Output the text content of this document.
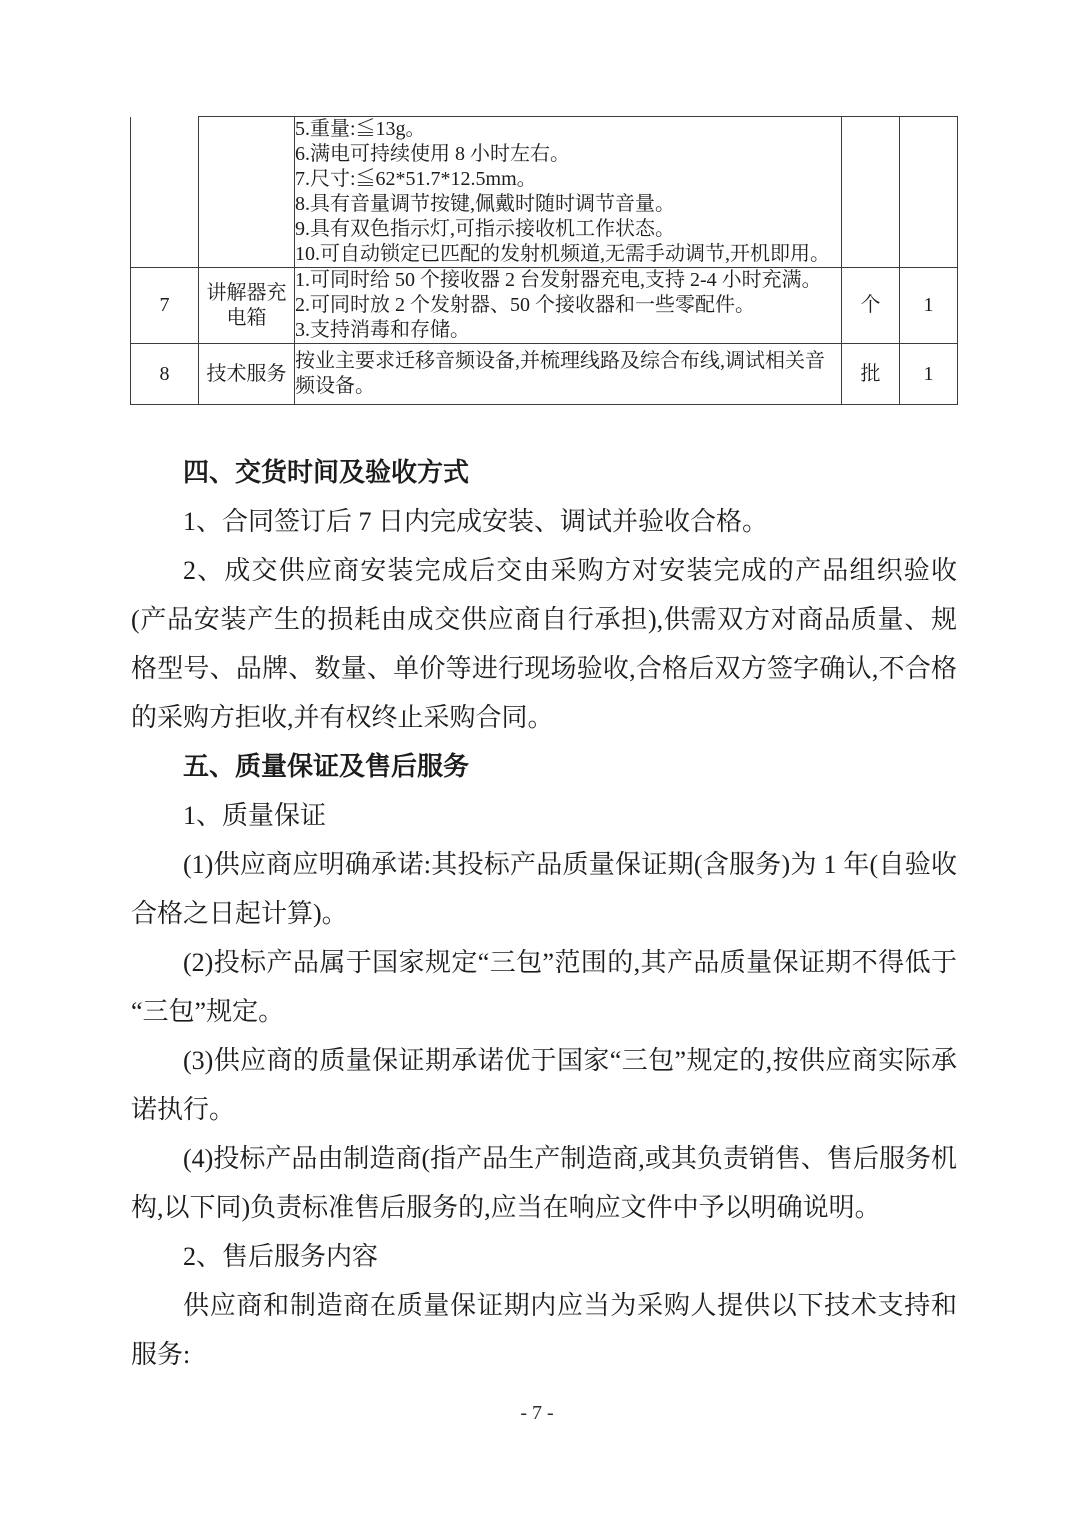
5.重量:≦13g。
6.满电可持续使用 8 小时左右。
7.尺寸:≦62*51.7*12.5mm。
8.具有音量调节按键,佩戴时随时调节音量。
9.具有双色指示灯,可指示接收机工作状态。
10.可自动锁定已匹配的发射机频道,无需手动调节,开机即用。

7	讲解器充电箱	1.可同时给 50 个接收器 2 台发射器充电,支持 2-4 小时充满。
2.可同时放 2 个发射器、50 个接收器和一些零配件。
3.支持消毒和存储。	个	1
8	技术服务	按业主要求迁移音频设备,并梳理线路及综合布线,调试相关音频设备。	批	1

四、交货时间及验收方式

1、合同签订后 7 日内完成安装、调试并验收合格。

2、成交供应商安装完成后交由采购方对安装完成的产品组织验收(产品安装产生的损耗由成交供应商自行承担),供需双方对商品质量、规格型号、品牌、数量、单价等进行现场验收,合格后双方签字确认,不合格的采购方拒收,并有权终止采购合同。

五、质量保证及售后服务

1、质量保证

(1)供应商应明确承诺:其投标产品质量保证期(含服务)为 1 年(自验收合格之日起计算)。

(2)投标产品属于国家规定“三包”范围的,其产品质量保证期不得低于“三包”规定。

(3)供应商的质量保证期承诺优于国家“三包”规定的,按供应商实际承诺执行。

(4)投标产品由制造商(指产品生产制造商,或其负责销售、售后服务机构,以下同)负责标准售后服务的,应当在响应文件中予以明确说明。

2、售后服务内容

供应商和制造商在质量保证期内应当为采购人提供以下技术支持和服务:

- 7 -
